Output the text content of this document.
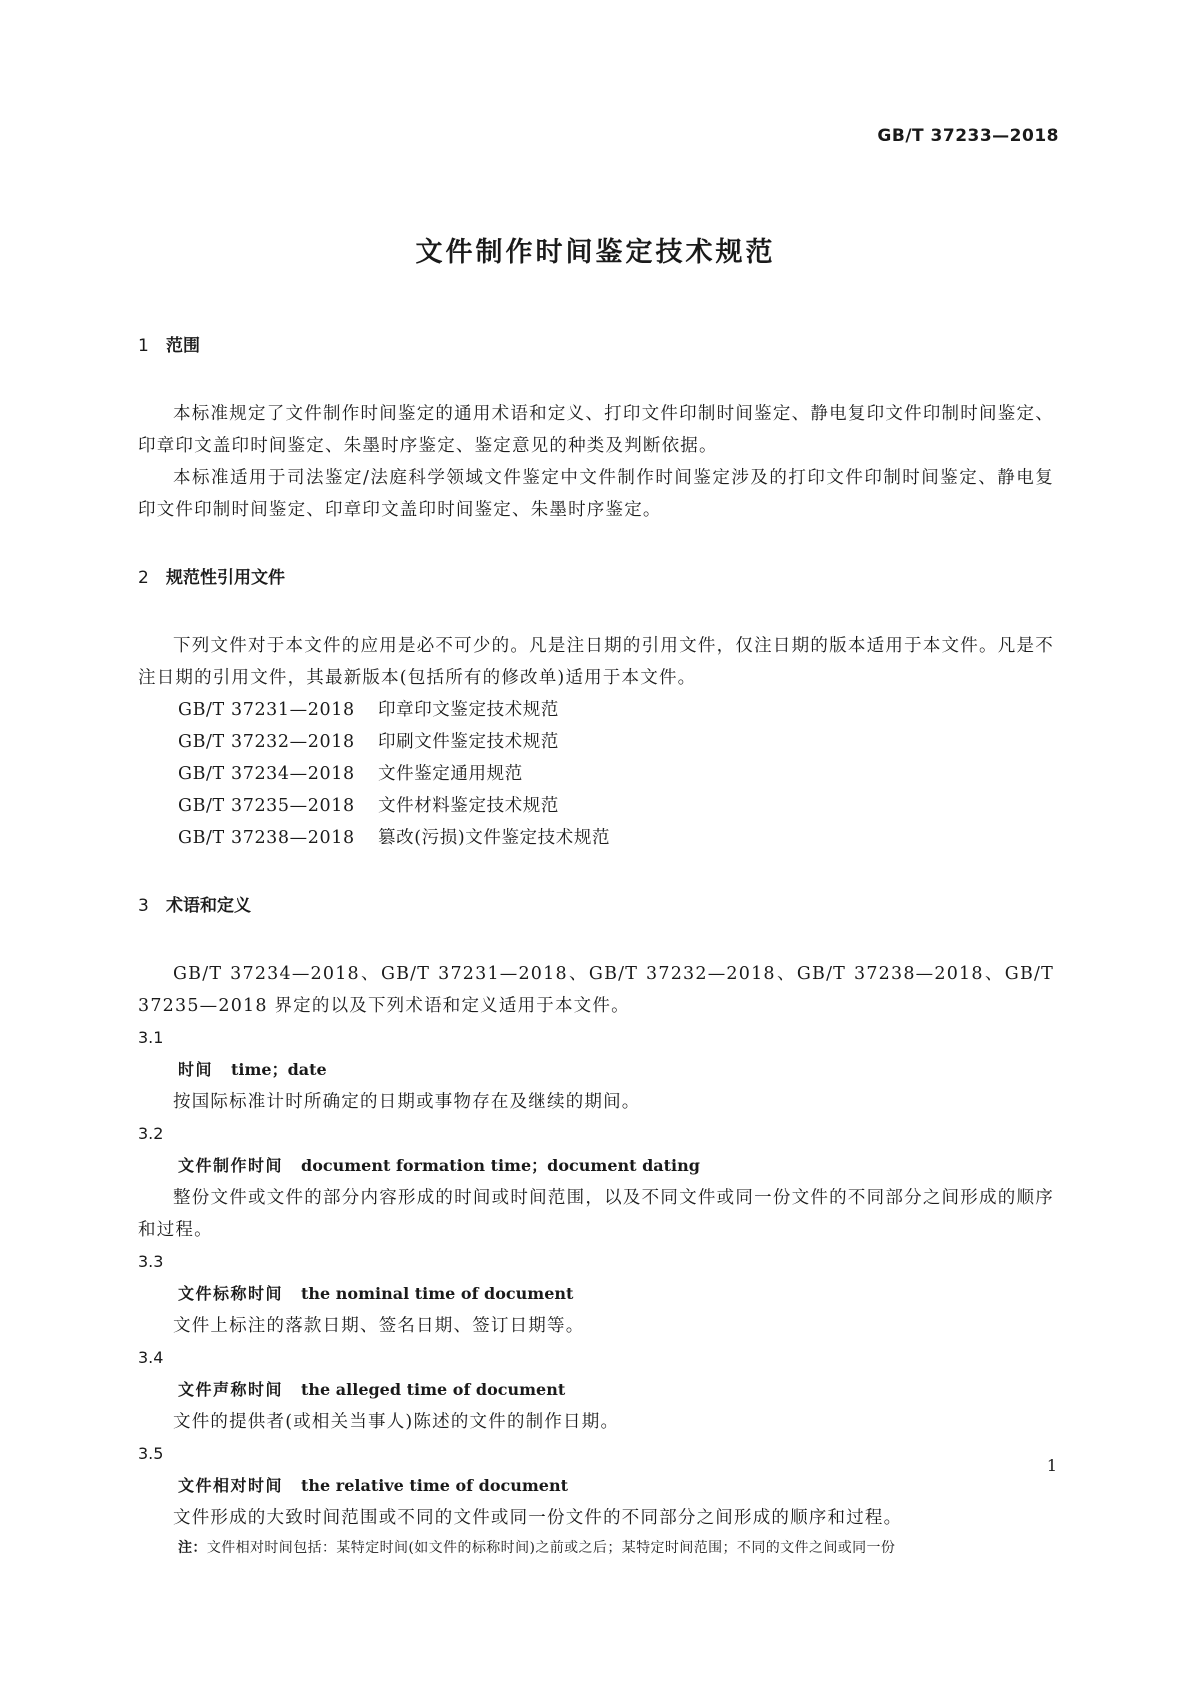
GB/T 37233—2018
文件制作时间鉴定技术规范
1 范围
本标准规定了文件制作时间鉴定的通用术语和定义、打印文件印制时间鉴定、静电复印文件印制时间鉴定、印章印文盖印时间鉴定、朱墨时序鉴定、鉴定意见的种类及判断依据。
本标准适用于司法鉴定/法庭科学领域文件鉴定中文件制作时间鉴定涉及的打印文件印制时间鉴定、静电复印文件印制时间鉴定、印章印文盖印时间鉴定、朱墨时序鉴定。
2 规范性引用文件
下列文件对于本文件的应用是必不可少的。凡是注日期的引用文件，仅注日期的版本适用于本文件。凡是不注日期的引用文件，其最新版本(包括所有的修改单)适用于本文件。
GB/T 37231—2018 印章印文鉴定技术规范
GB/T 37232—2018 印刷文件鉴定技术规范
GB/T 37234—2018 文件鉴定通用规范
GB/T 37235—2018 文件材料鉴定技术规范
GB/T 37238—2018 篡改(污损)文件鉴定技术规范
3 术语和定义
GB/T 37234—2018、GB/T 37231—2018、GB/T 37232—2018、GB/T 37238—2018、GB/T 37235—2018 界定的以及下列术语和定义适用于本文件。
3.1
时间 time；date
按国际标准计时所确定的日期或事物存在及继续的期间。
3.2
文件制作时间 document formation time；document dating
整份文件或文件的部分内容形成的时间或时间范围，以及不同文件或同一份文件的不同部分之间形成的顺序和过程。
3.3
文件标称时间 the nominal time of document
文件上标注的落款日期、签名日期、签订日期等。
3.4
文件声称时间 the alleged time of document
文件的提供者(或相关当事人)陈述的文件的制作日期。
3.5
文件相对时间 the relative time of document
文件形成的大致时间范围或不同的文件或同一份文件的不同部分之间形成的顺序和过程。
注：文件相对时间包括：某特定时间(如文件的标称时间)之前或之后；某特定时间范围；不同的文件之间或同一份
1
